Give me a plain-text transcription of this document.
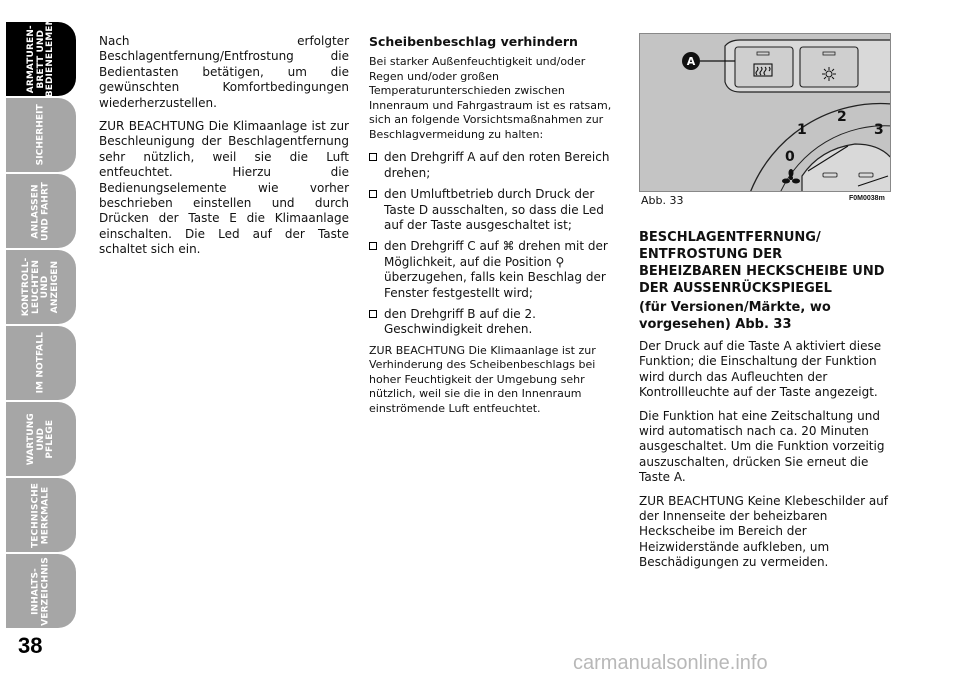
ARMATUREN-
BRETT UND
BEDIENELEMENTE
SICHERHEIT
ANLASSEN
UND FAHRT
KONTROLL-
LEUCHTEN UND
ANZEIGEN
IM NOTFALL
WARTUNG UND
PFLEGE
TECHNISCHE
MERKMALE
INHALTS-
VERZEICHNIS
38

Nach erfolgter Beschlagentfernung/Entfrostung die Bedientasten betätigen, um die gewünschten Komfortbedingungen wiederherzustellen.

ZUR BEACHTUNG Die Klimaanlage ist zur Beschleunigung der Beschlagentfernung sehr nützlich, weil sie die Luft entfeuchtet. Hierzu die Bedienungselemente wie vorher beschrieben einstellen und durch Drücken der Taste E die Klimaanlage einschalten. Die Led auf der Taste schaltet sich ein.

Scheibenbeschlag verhindern

Bei starker Außenfeuchtigkeit und/oder Regen und/oder großen Temperaturunterschieden zwischen Innenraum und Fahrgastraum ist es ratsam, sich an folgende Vorsichtsmaßnahmen zur Beschlagvermeidung zu halten:

den Drehgriff A auf den roten Bereich drehen;
den Umluftbetrieb durch Druck der Taste D ausschalten, so dass die Led auf der Taste ausgeschaltet ist;
den Drehgriff C auf ⌘ drehen mit der Möglichkeit, auf die Position ⚲ überzugehen, falls kein Beschlag der Fenster festgestellt wird;
den Drehgriff B auf die 2. Geschwindigkeit drehen.

ZUR BEACHTUNG Die Klimaanlage ist zur Verhinderung des Scheibenbeschlags bei hoher Feuchtigkeit der Umgebung sehr nützlich, weil sie die in den Innenraum einströmende Luft entfeuchtet.

A
0
1
2
3
Abb. 33	F0M0038m

BESCHLAGENTFERNUNG/ ENTFROSTUNG DER BEHEIZBAREN HECKSCHEIBE UND DER AUSSENRÜCKSPIEGEL

(für Versionen/Märkte, wo vorgesehen) Abb. 33

Der Druck auf die Taste A aktiviert diese Funktion; die Einschaltung der Funktion wird durch das Aufleuchten der Kontrollleuchte auf der Taste angezeigt.

Die Funktion hat eine Zeitschaltung und wird automatisch nach ca. 20 Minuten ausgeschaltet. Um die Funktion vorzeitig auszuschalten, drücken Sie erneut die Taste A.

ZUR BEACHTUNG Keine Klebeschilder auf der Innenseite der beheizbaren Heckscheibe im Bereich der Heizwiderstände aufkleben, um Beschädigungen zu vermeiden.

carmanualsonline.info
